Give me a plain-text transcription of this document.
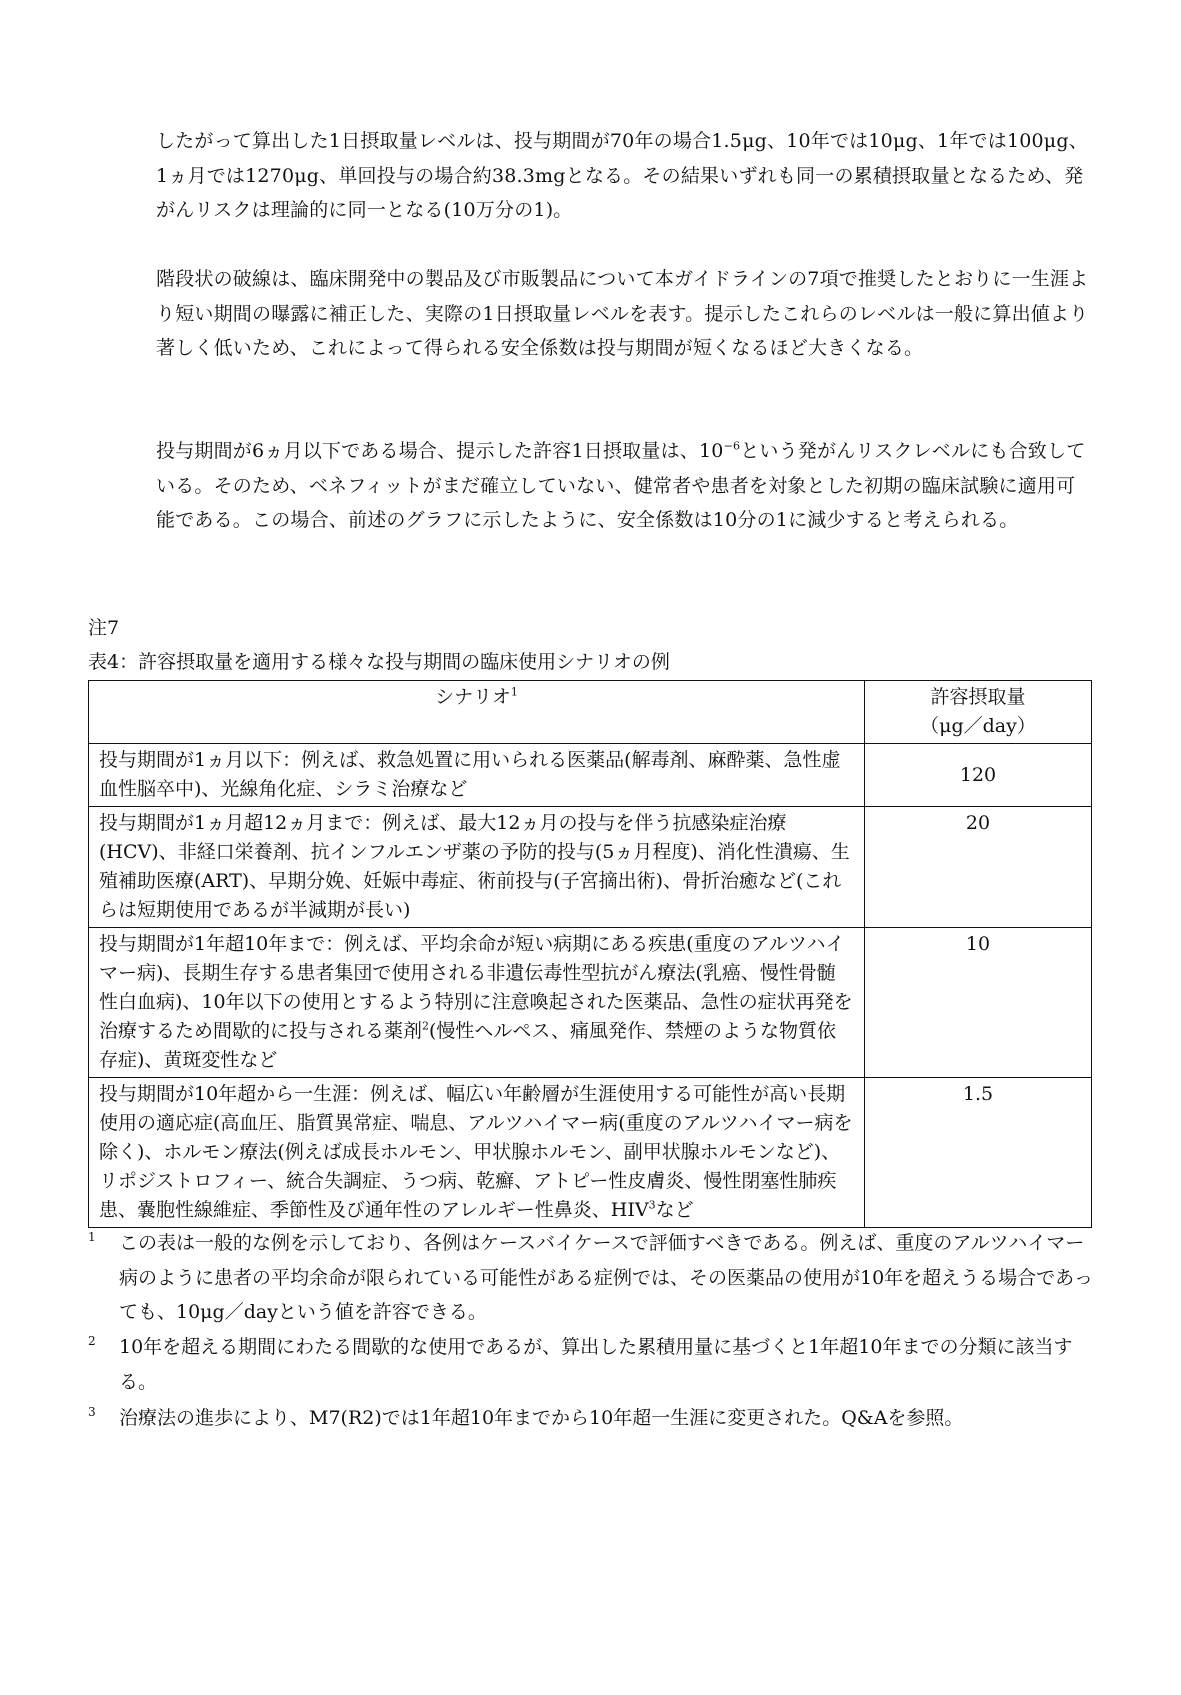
したがって算出した1日摂取量レベルは、投与期間が70年の場合1.5μg、10年では10μg、1年では100μg、1ヵ月では1270μg、単回投与の場合約38.3mgとなる。その結果いずれも同一の累積摂取量となるため、発がんリスクは理論的に同一となる(10万分の1)。
階段状の破線は、臨床開発中の製品及び市販製品について本ガイドラインの7項で推奨したとおりに一生涯より短い期間の曝露に補正した、実際の1日摂取量レベルを表す。提示したこれらのレベルは一般に算出値より著しく低いため、これによって得られる安全係数は投与期間が短くなるほど大きくなる。
投与期間が6ヵ月以下である場合、提示した許容1日摂取量は、$10^{-6}$という発がんリスクレベルにも合致している。そのため、ベネフィットがまだ確立していない、健常者や患者を対象とした初期の臨床試験に適用可能である。この場合、前述のグラフに示したように、安全係数は10分の1に減少すると考えられる。
注7
表4：許容摂取量を適用する様々な投与期間の臨床使用シナリオの例
シナリオ$^1$	許容摂取量
（μg／day）
投与期間が1ヵ月以下：例えば、救急処置に用いられる医薬品(解毒剤、麻酔薬、急性虚血性脳卒中)、光線角化症、シラミ治療など	120
投与期間が1ヵ月超12ヵ月まで：例えば、最大12ヵ月の投与を伴う抗感染症治療(HCV)、非経口栄養剤、抗インフルエンザ薬の予防的投与(5ヵ月程度)、消化性潰瘍、生殖補助医療(ART)、早期分娩、妊娠中毒症、術前投与(子宮摘出術)、骨折治癒など(これらは短期使用であるが半減期が長い)	20
投与期間が1年超10年まで：例えば、平均余命が短い病期にある疾患(重度のアルツハイマー病)、長期生存する患者集団で使用される非遺伝毒性型抗がん療法(乳癌、慢性骨髄性白血病)、10年以下の使用とするよう特別に注意喚起された医薬品、急性の症状再発を治療するため間歇的に投与される薬剤$^2$(慢性ヘルペス、痛風発作、禁煙のような物質依存症)、黄斑変性など	10
投与期間が10年超から一生涯：例えば、幅広い年齢層が生涯使用する可能性が高い長期使用の適応症(高血圧、脂質異常症、喘息、アルツハイマー病(重度のアルツハイマー病を除く)、ホルモン療法(例えば成長ホルモン、甲状腺ホルモン、副甲状腺ホルモンなど)、リポジストロフィー、統合失調症、うつ病、乾癬、アトピー性皮膚炎、慢性閉塞性肺疾患、嚢胞性線維症、季節性及び通年性のアレルギー性鼻炎、HIV$^3$など	1.5
1 この表は一般的な例を示しており、各例はケースバイケースで評価すべきである。例えば、重度のアルツハイマー病のように患者の平均余命が限られている可能性がある症例では、その医薬品の使用が10年を超えうる場合であっても、10μg／dayという値を許容できる。
2 10年を超える期間にわたる間歇的な使用であるが、算出した累積用量に基づくと1年超10年までの分類に該当する。
3 治療法の進歩により、M7(R2)では1年超10年までから10年超一生涯に変更された。Q&Aを参照。
